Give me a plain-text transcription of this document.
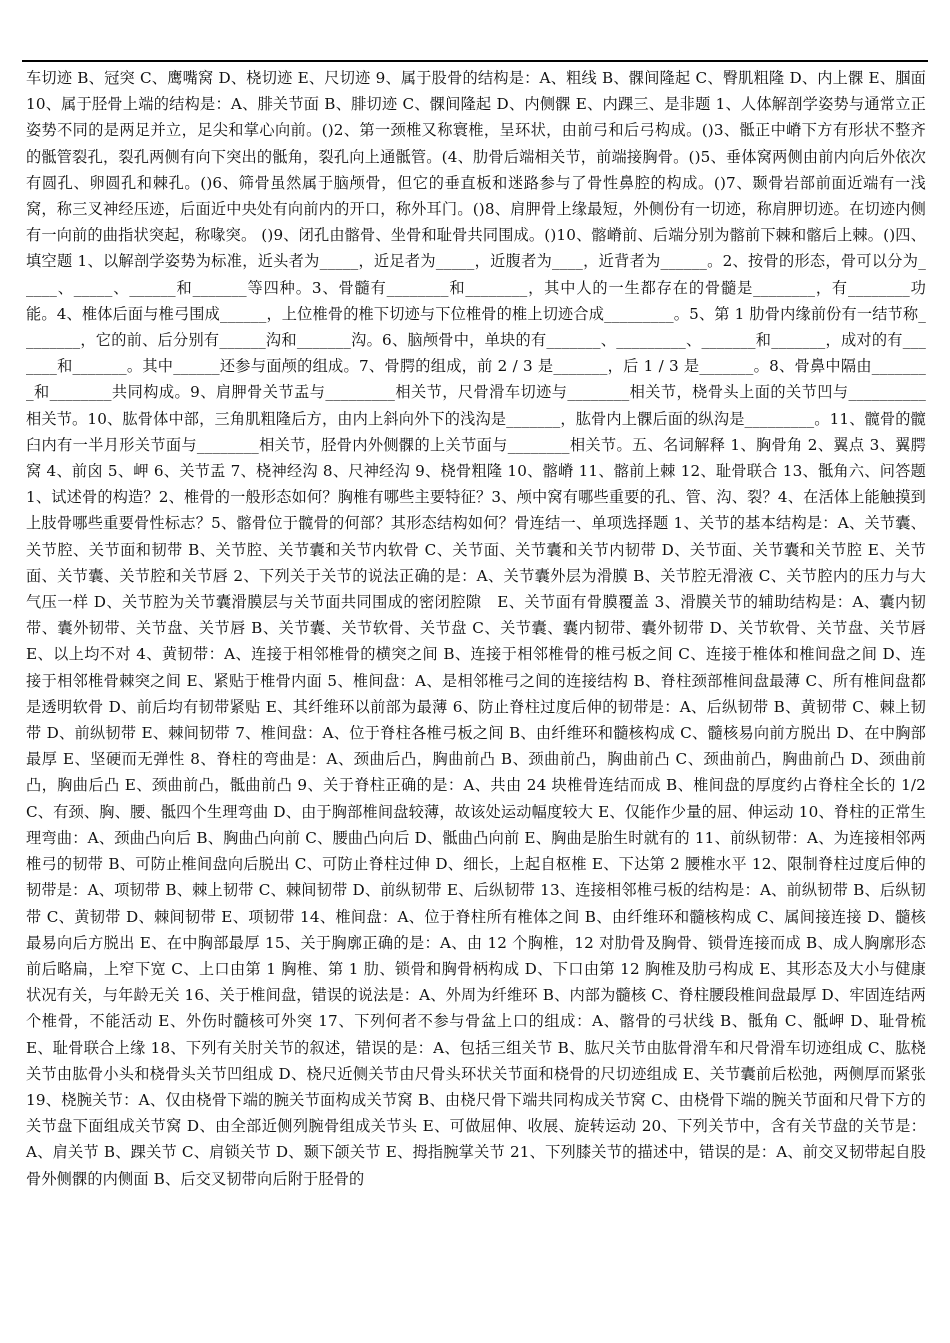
车切迹 B、冠突 C、鹰嘴窝 D、桡切迹 E、尺切迹 9、属于股骨的结构是：A、粗线 B、髁间隆起 C、臀肌粗隆 D、内上髁 E、腘面 10、属于胫骨上端的结构是：A、腓关节面 B、腓切迹 C、髁间隆起 D、内侧髁 E、内踝三、是非题 1、人体解剖学姿势与通常立正姿势不同的是两足并立，足尖和掌心向前。()2、第一颈椎又称寰椎，呈环状，由前弓和后弓构成。()3、骶正中嵴下方有形状不整齐的骶管裂孔，裂孔两侧有向下突出的骶角，裂孔向上通骶管。(4、肋骨后端相关节，前端接胸骨。()5、垂体窝两侧由前内向后外依次有圆孔、卵圆孔和棘孔。()6、筛骨虽然属于脑颅骨，但它的垂直板和迷路参与了骨性鼻腔的构成。()7、颞骨岩部前面近端有一浅窝，称三叉神经压迹，后面近中央处有向前内的开口，称外耳门。()8、肩胛骨上缘最短，外侧份有一切迹，称肩胛切迹。在切迹内侧有一向前的曲指状突起，称喙突。 ()9、闭孔由髂骨、坐骨和耻骨共同围成。()10、髂嵴前、后端分别为髂前下棘和髂后上棘。()四、填空题 1、以解剖学姿势为标准，近头者为_____，近足者为_____，近腹者为____，近背者为______。2、按骨的形态，骨可以分为_____、_____、______和_______等四种。3、骨髓有________和________，其中人的一生都存在的骨髓是________，有________功能。4、椎体后面与椎弓围成______，上位椎骨的椎下切迹与下位椎骨的椎上切迹合成_________。5、第 1 肋骨内缘前份有一结节称________，它的前、后分别有______沟和_______沟。6、脑颅骨中，单块的有_______、_________、_______和_______，成对的有_______和_______。其中______还参与面颅的组成。7、骨腭的组成，前 2 / 3 是_______，后 1 / 3 是_______。8、骨鼻中隔由________和________共同构成。9、肩胛骨关节盂与_________相关节，尺骨滑车切迹与________相关节，桡骨头上面的关节凹与__________相关节。10、肱骨体中部，三角肌粗隆后方，由内上斜向外下的浅沟是_______，肱骨内上髁后面的纵沟是_________。11、髋骨的髋臼内有一半月形关节面与________相关节，胫骨内外侧髁的上关节面与________相关节。五、名词解释 1、胸骨角 2、翼点 3、翼腭窝 4、前囟 5、岬 6、关节盂 7、桡神经沟 8、尺神经沟 9、桡骨粗隆 10、髂嵴 11、髂前上棘 12、耻骨联合 13、骶角六、问答题 1、试述骨的构造？2、椎骨的一般形态如何？胸椎有哪些主要特征？3、颅中窝有哪些重要的孔、管、沟、裂？4、在活体上能触摸到上肢骨哪些重要骨性标志？5、髂骨位于髋骨的何部？其形态结构如何？骨连结一、单项选择题 1、关节的基本结构是：A、关节囊、关节腔、关节面和韧带 B、关节腔、关节囊和关节内软骨 C、关节面、关节囊和关节内韧带 D、关节面、关节囊和关节腔 E、关节面、关节囊、关节腔和关节唇 2、下列关于关节的说法正确的是：A、关节囊外层为滑膜 B、关节腔无滑液 C、关节腔内的压力与大气压一样 D、关节腔为关节囊滑膜层与关节面共同围成的密闭腔隙　E、关节面有骨膜覆盖 3、滑膜关节的辅助结构是：A、囊内韧带、囊外韧带、关节盘、关节唇 B、关节囊、关节软骨、关节盘 C、关节囊、囊内韧带、囊外韧带 D、关节软骨、关节盘、关节唇 E、以上均不对 4、黄韧带：A、连接于相邻椎骨的横突之间 B、连接于相邻椎骨的椎弓板之间 C、连接于椎体和椎间盘之间 D、连接于相邻椎骨棘突之间 E、紧贴于椎骨内面 5、椎间盘：A、是相邻椎弓之间的连接结构 B、脊柱颈部椎间盘最薄 C、所有椎间盘都是透明软骨 D、前后均有韧带紧贴 E、其纤维环以前部为最薄 6、防止脊柱过度后伸的韧带是：A、后纵韧带 B、黄韧带 C、棘上韧带 D、前纵韧带 E、棘间韧带 7、椎间盘：A、位于脊柱各椎弓板之间 B、由纤维环和髓核构成 C、髓核易向前方脱出 D、在中胸部最厚 E、坚硬而无弹性 8、脊柱的弯曲是：A、颈曲后凸，胸曲前凸 B、颈曲前凸，胸曲前凸 C、颈曲前凸，胸曲前凸 D、颈曲前凸，胸曲后凸 E、颈曲前凸，骶曲前凸 9、关于脊柱正确的是：A、共由 24 块椎骨连结而成 B、椎间盘的厚度约占脊柱全长的 1/2C、有颈、胸、腰、骶四个生理弯曲 D、由于胸部椎间盘较薄，故该处运动幅度较大 E、仅能作少量的屈、伸运动 10、脊柱的正常生理弯曲：A、颈曲凸向后 B、胸曲凸向前 C、腰曲凸向后 D、骶曲凸向前 E、胸曲是胎生时就有的 11、前纵韧带：A、为连接相邻两椎弓的韧带 B、可防止椎间盘向后脱出 C、可防止脊柱过伸 D、细长，上起自枢椎 E、下达第 2 腰椎水平 12、限制脊柱过度后伸的韧带是：A、项韧带 B、棘上韧带 C、棘间韧带 D、前纵韧带 E、后纵韧带 13、连接相邻椎弓板的结构是：A、前纵韧带 B、后纵韧带 C、黄韧带 D、棘间韧带 E、项韧带 14、椎间盘：A、位于脊柱所有椎体之间 B、由纤维环和髓核构成 C、属间接连接 D、髓核最易向后方脱出 E、在中胸部最厚 15、关于胸廓正确的是：A、由 12 个胸椎，12 对肋骨及胸骨、锁骨连接而成 B、成人胸廓形态前后略扁，上窄下宽 C、上口由第 1 胸椎、第 1 肋、锁骨和胸骨柄构成 D、下口由第 12 胸椎及肋弓构成 E、其形态及大小与健康状况有关，与年龄无关 16、关于椎间盘，错误的说法是：A、外周为纤维环 B、内部为髓核 C、脊柱腰段椎间盘最厚 D、牢固连结两个椎骨，不能活动 E、外伤时髓核可外突 17、下列何者不参与骨盆上口的组成：A、髂骨的弓状线 B、骶角 C、骶岬 D、耻骨梳 E、耻骨联合上缘 18、下列有关肘关节的叙述，错误的是：A、包括三组关节 B、肱尺关节由肱骨滑车和尺骨滑车切迹组成 C、肱桡关节由肱骨小头和桡骨头关节凹组成 D、桡尺近侧关节由尺骨头环状关节面和桡骨的尺切迹组成 E、关节囊前后松弛，两侧厚而紧张 19、桡腕关节：A、仅由桡骨下端的腕关节面构成关节窝 B、由桡尺骨下端共同构成关节窝 C、由桡骨下端的腕关节面和尺骨下方的关节盘下面组成关节窝 D、由全部近侧列腕骨组成关节头 E、可做屈伸、收展、旋转运动 20、下列关节中，含有关节盘的关节是：A、肩关节 B、踝关节 C、肩锁关节 D、颞下颌关节 E、拇指腕掌关节 21、下列膝关节的描述中，错误的是：A、前交叉韧带起自股骨外侧髁的内侧面 B、后交叉韧带向后附于胫骨的
